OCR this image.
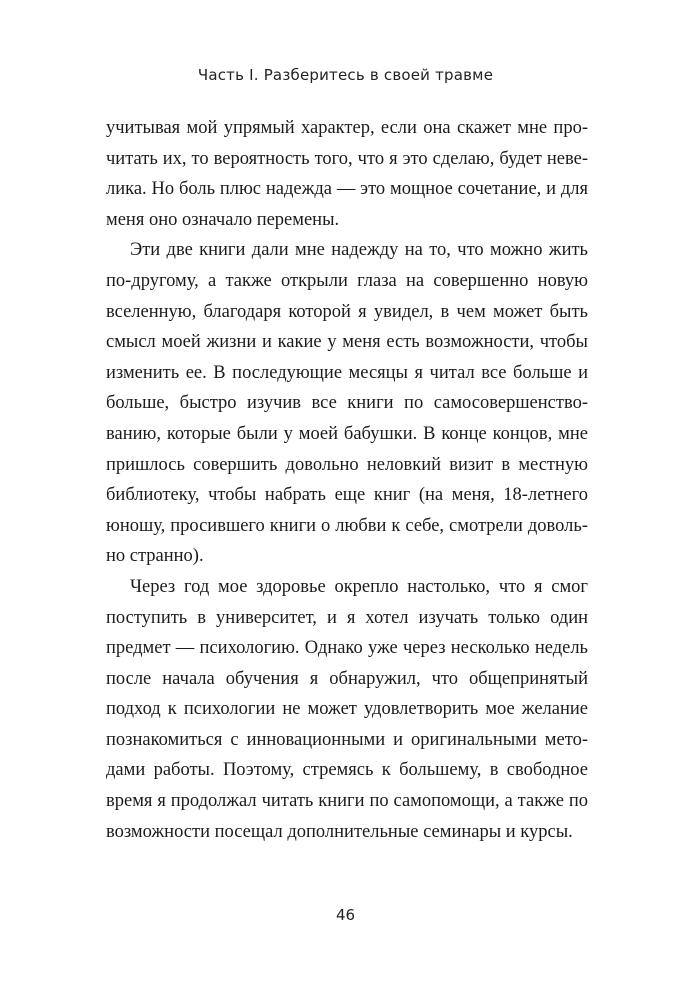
Часть I. Разберитесь в своей травме

учитывая мой упрямый характер, если она скажет мне прочитать их, то вероятность того, что я это сделаю, будет невелика. Но боль плюс надежда — это мощное сочетание, и для меня оно означало перемены.

Эти две книги дали мне надежду на то, что можно жить по-другому, а также открыли глаза на совершенно новую вселенную, благодаря которой я увидел, в чем может быть смысл моей жизни и какие у меня есть возможности, чтобы изменить ее. В последующие месяцы я читал все больше и больше, быстро изучив все книги по самосовершенствованию, которые были у моей бабушки. В конце концов, мне пришлось совершить довольно неловкий визит в местную библиотеку, чтобы набрать еще книг (на меня, 18-летнего юношу, просившего книги о любви к себе, смотрели довольно странно).

Через год мое здоровье окрепло настолько, что я смог поступить в университет, и я хотел изучать только один предмет — психологию. Однако уже через несколько недель после начала обучения я обнаружил, что общепринятый подход к психологии не может удовлетворить мое желание познакомиться с инновационными и оригинальными методами работы. Поэтому, стремясь к большему, в свободное время я продолжал читать книги по самопомощи, а также по возможности посещал дополнительные семинары и курсы.

46
